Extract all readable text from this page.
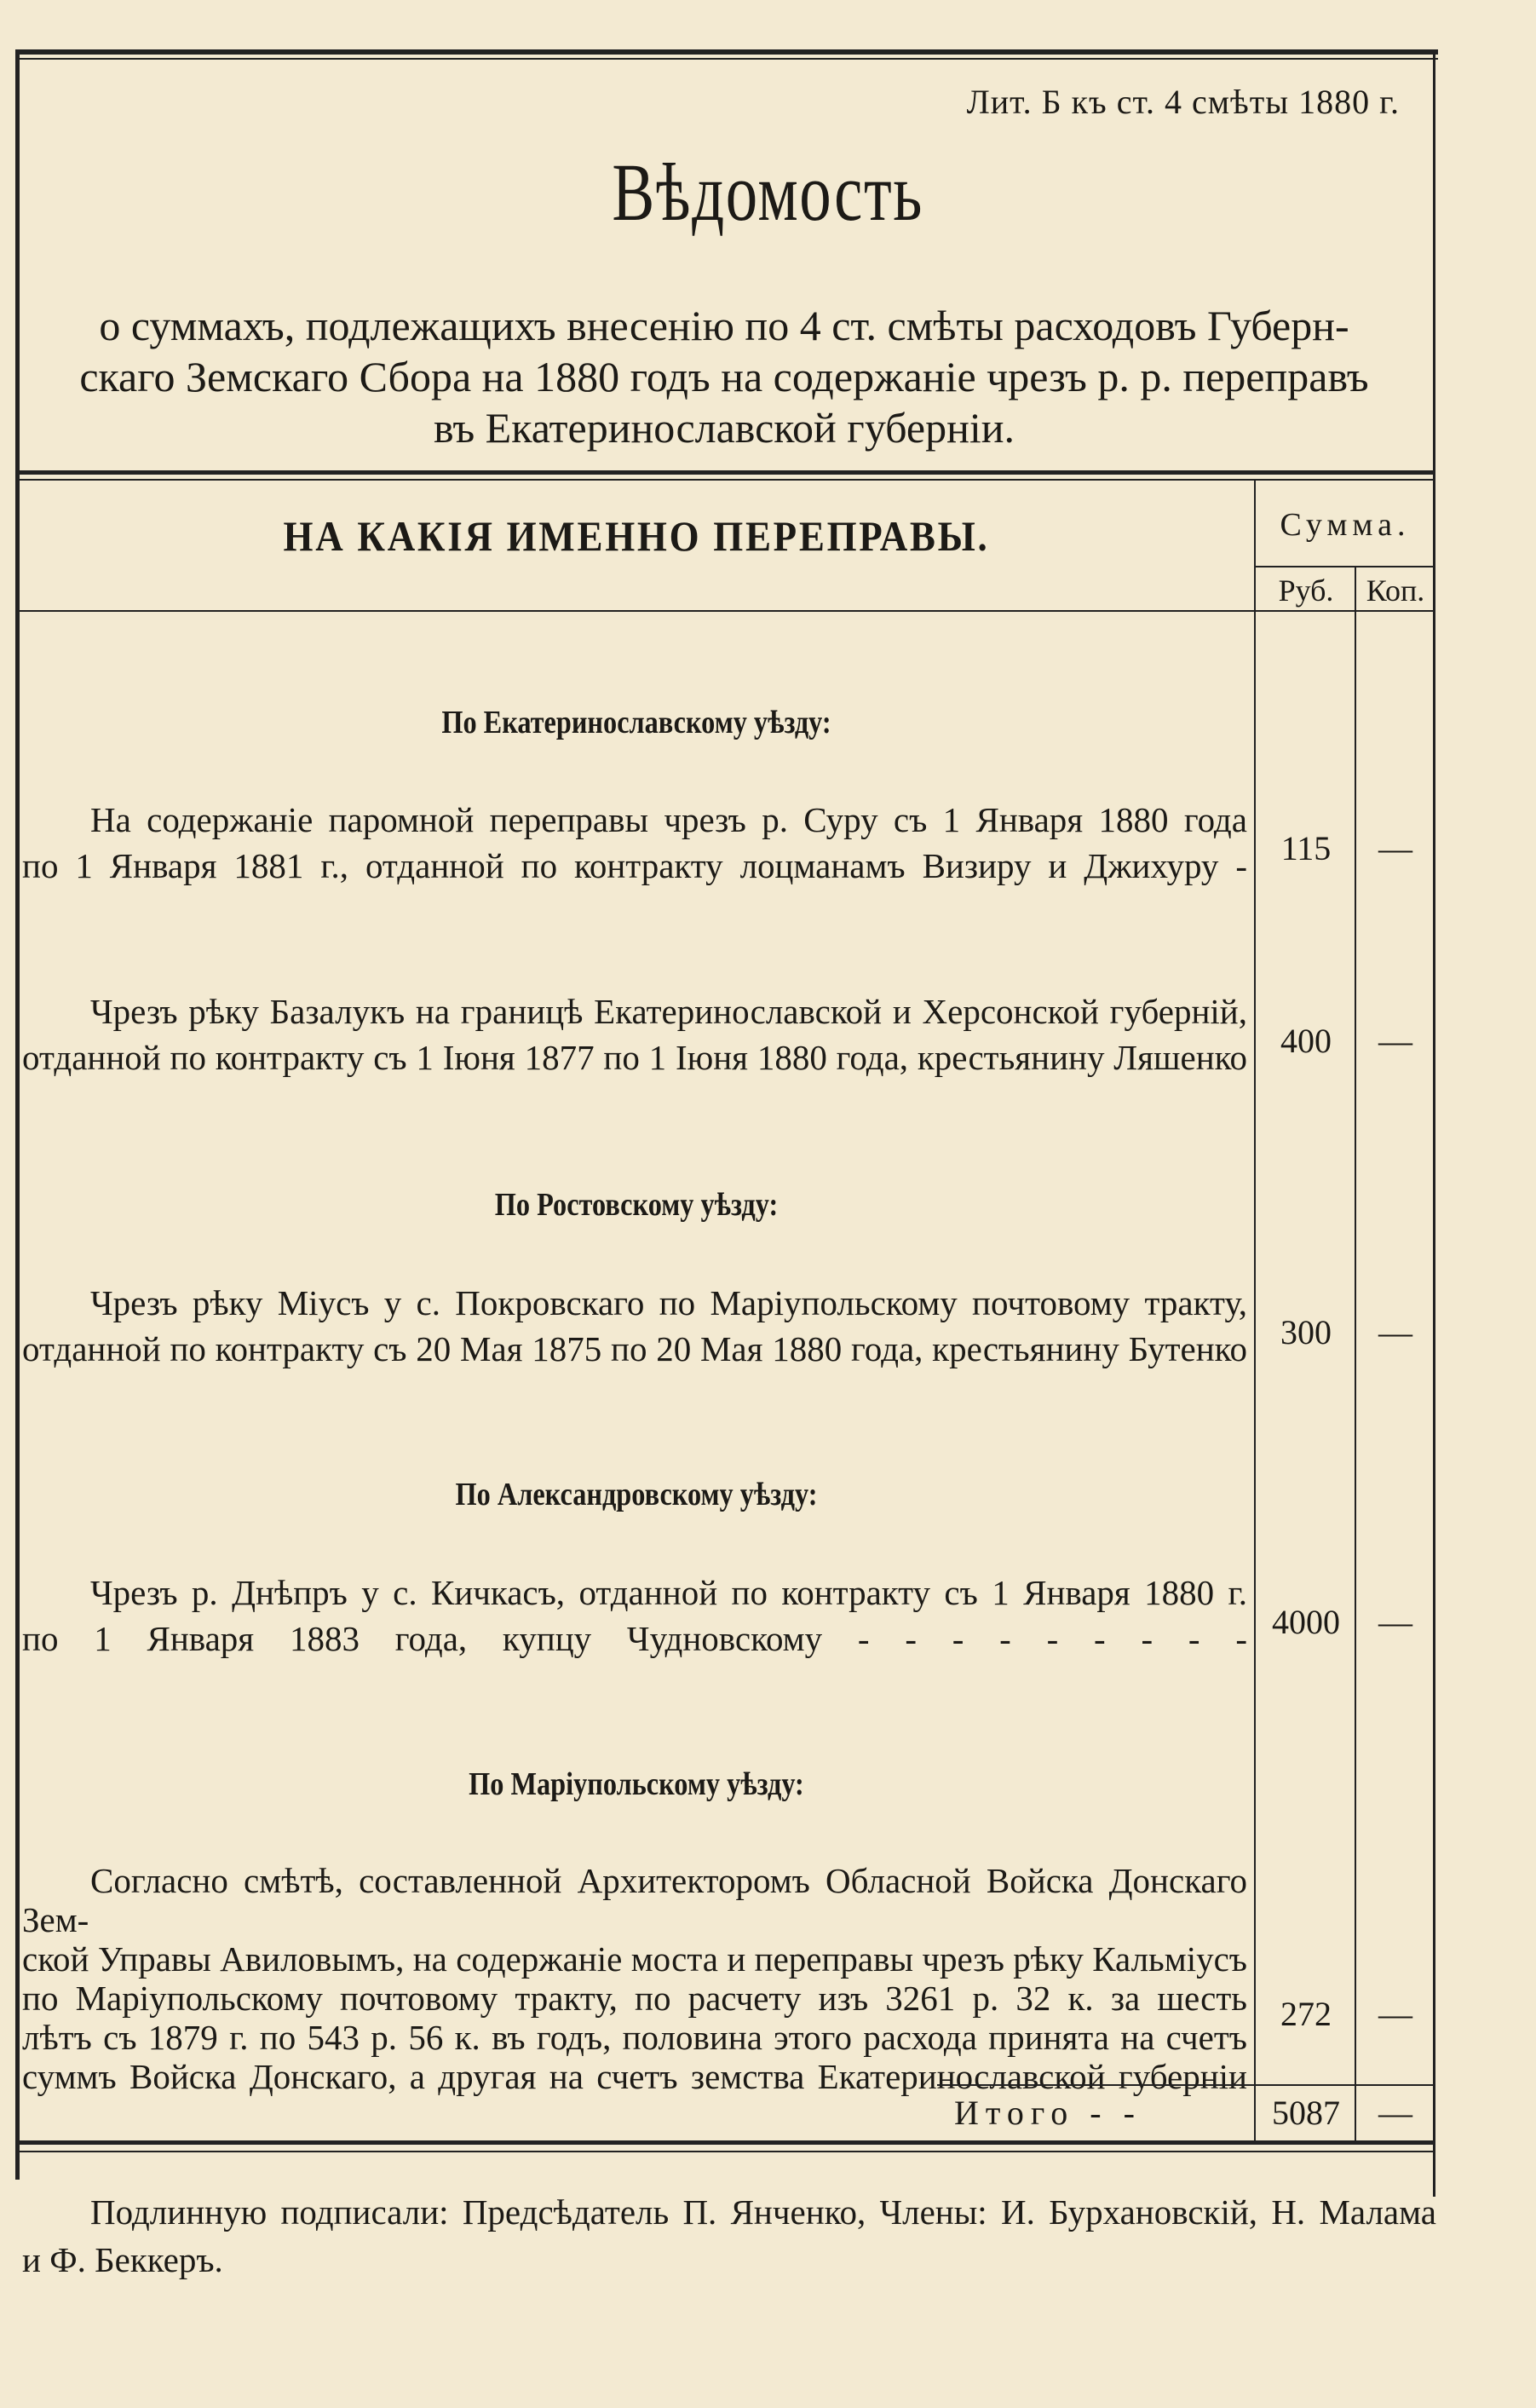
Лит. Б къ ст. 4 смѣты 1880 г.
Вѣдомость
о суммахъ, подлежащихъ внесенію по 4 ст. смѣты расходовъ Губерн-
скаго Земскаго Сбора на 1880 годъ на содержаніе чрезъ р. р. переправъ
въ Екатеринославской губерніи.
НА КАКІЯ ИМЕННО ПЕРЕПРАВЫ.	Сумма.
Руб.	Коп.
По Екатеринославскому уѣзду:
На содержаніе паромной переправы чрезъ р. Суру съ 1 Января 1880 года
по 1 Января 1881 г., отданной по контракту лоцманамъ Визиру и Джихуру - 115	—
Чрезъ рѣку Базалукъ на границѣ Екатеринославской и Херсонской губерній,
отданной по контракту съ 1 Іюня 1877 по 1 Іюня 1880 года, крестьянину Ляшенко 400	—
По Ростовскому уѣзду:
Чрезъ рѣку Міусъ у с. Покровскаго по Маріупольскому почтовому тракту,
отданной по контракту съ 20 Мая 1875 по 20 Мая 1880 года, крестьянину Бутенко 300	—
По Александровскому уѣзду:
Чрезъ р. Днѣпръ у с. Кичкасъ, отданной по контракту съ 1 Января 1880 г.
по 1 Января 1883 года, купцу Чудновскому - - - - - - - - - 4000	—
По Маріупольскому уѣзду:
Согласно смѣтѣ, составленной Архитекторомъ Обласной Войска Донскаго Зем-
ской Управы Авиловымъ, на содержаніе моста и переправы чрезъ рѣку Кальміусъ
по Маріупольскому почтовому тракту, по расчету изъ 3261 р. 32 к. за шесть
лѣтъ съ 1879 г. по 543 р. 56 к. въ годъ, половина этого расхода принята на счетъ
суммъ Войска Донскаго, а другая на счетъ земства Екатеринославской губерніи
272	—
Итого - -	5087	—
Подлинную подписали: Предсѣдатель П. Янченко, Члены: И. Бурхановскій, Н. Малама
и Ф. Беккеръ.
